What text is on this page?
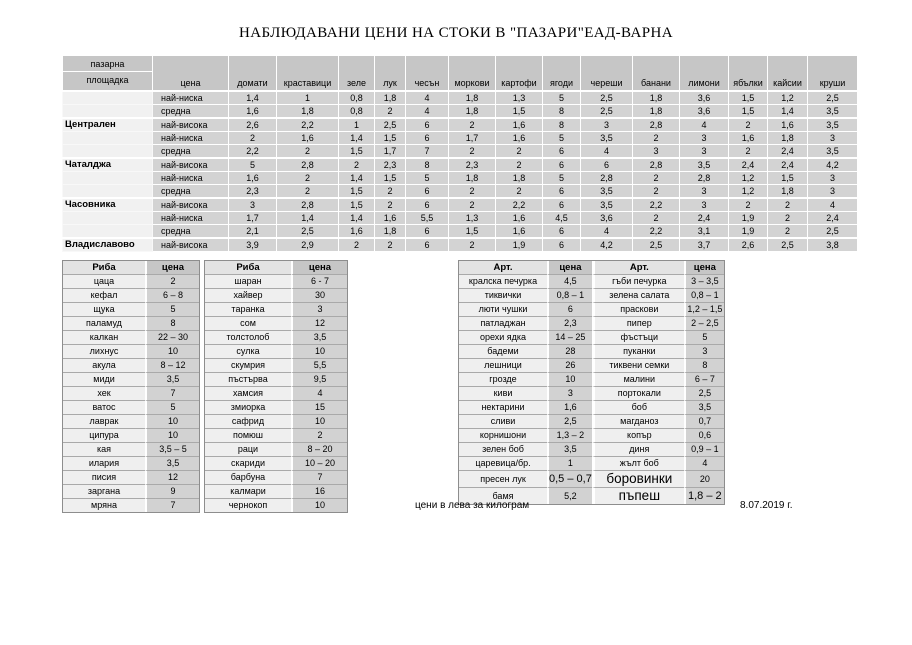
НАБЛЮДАВАНИ ЦЕНИ НА СТОКИ В "ПАЗАРИ"ЕАД-ВАРНА
пазарна
площадка	цена	домати	краставици	зеле	лук	чесън	моркови	картофи	ягоди	череши	банани	лимони	ябълки	кайсии	круши
	най-ниска	1,4	1	0,8	1,8	4	1,8	1,3	5	2,5	1,8	3,6	1,5	1,2	2,5
	средна	1,6	1,8	0,8	2	4	1,8	1,5	8	2,5	1,8	3,6	1,5	1,4	3,5
Централен	най-висока	2,6	2,2	1	2,5	6	2	1,6	8	3	2,8	4	2	1,6	3,5
	най-ниска	2	1,6	1,4	1,5	6	1,7	1,6	5	3,5	2	3	1,6	1,8	3
	средна	2,2	2	1,5	1,7	7	2	2	6	4	3	3	2	2,4	3,5
Чаталджа	най-висока	5	2,8	2	2,3	8	2,3	2	6	6	2,8	3,5	2,4	2,4	4,2
	най-ниска	1,6	2	1,4	1,5	5	1,8	1,8	5	2,8	2	2,8	1,2	1,5	3
	средна	2,3	2	1,5	2	6	2	2	6	3,5	2	3	1,2	1,8	3
Часовника	най-висока	3	2,8	1,5	2	6	2	2,2	6	3,5	2,2	3	2	2	4
	най-ниска	1,7	1,4	1,4	1,6	5,5	1,3	1,6	4,5	3,6	2	2,4	1,9	2	2,4
	средна	2,1	2,5	1,6	1,8	6	1,5	1,6	6	4	2,2	3,1	1,9	2	2,5
Владиславово	най-висока	3,9	2,9	2	2	6	2	1,9	6	4,2	2,5	3,7	2,6	2,5	3,8
Риба	цена
цаца	2
кефал	6 – 8
щука	5
паламуд	8
калкан	22 – 30
лихнус	10
акула	8 – 12
миди	3,5
хек	7
ватос	5
лаврак	10
ципура	10
кая	3,5 – 5
илария	3,5
писия	12
заргана	9
мряна	7
Риба	цена
шаран	6 - 7
хайвер	30
таранка	3
сом	12
толстолоб	3,5
сулка	10
скумрия	5,5
пъстърва	9,5
хамсия	4
змиорка	15
сафрид	10
помюш	2
раци	8 – 20
скариди	10 – 20
барбуна	7
калмари	16
чернокоп	10
Арт.	цена	Арт.	цена
кралска печурка	4,5	гъби печурка	3 – 3,5
тиквички	0,8 – 1	зелена салата	0,8 – 1
люти чушки	6	праскови	1,2 – 1,5
патладжан	2,3	пипер	2 – 2,5
орехи ядка	14 – 25	фъстъци	5
бадеми	28	пуканки	3
лешници	26	тиквени семки	8
грозде	10	малини	6 – 7
киви	3	портокали	2,5
нектарини	1,6	боб	3,5
сливи	2,5	магданоз	0,7
корнишони	1,3 – 2	копър	0,6
зелен боб	3,5	диня	0,9 – 1
царевица/бр.	1	жълт боб	4
пресен лук	0,5 – 0,7	боровинки	20
бамя	5,2	пъпеш	1,8 – 2
цени в лева за килограм	8.07.2019 г.
